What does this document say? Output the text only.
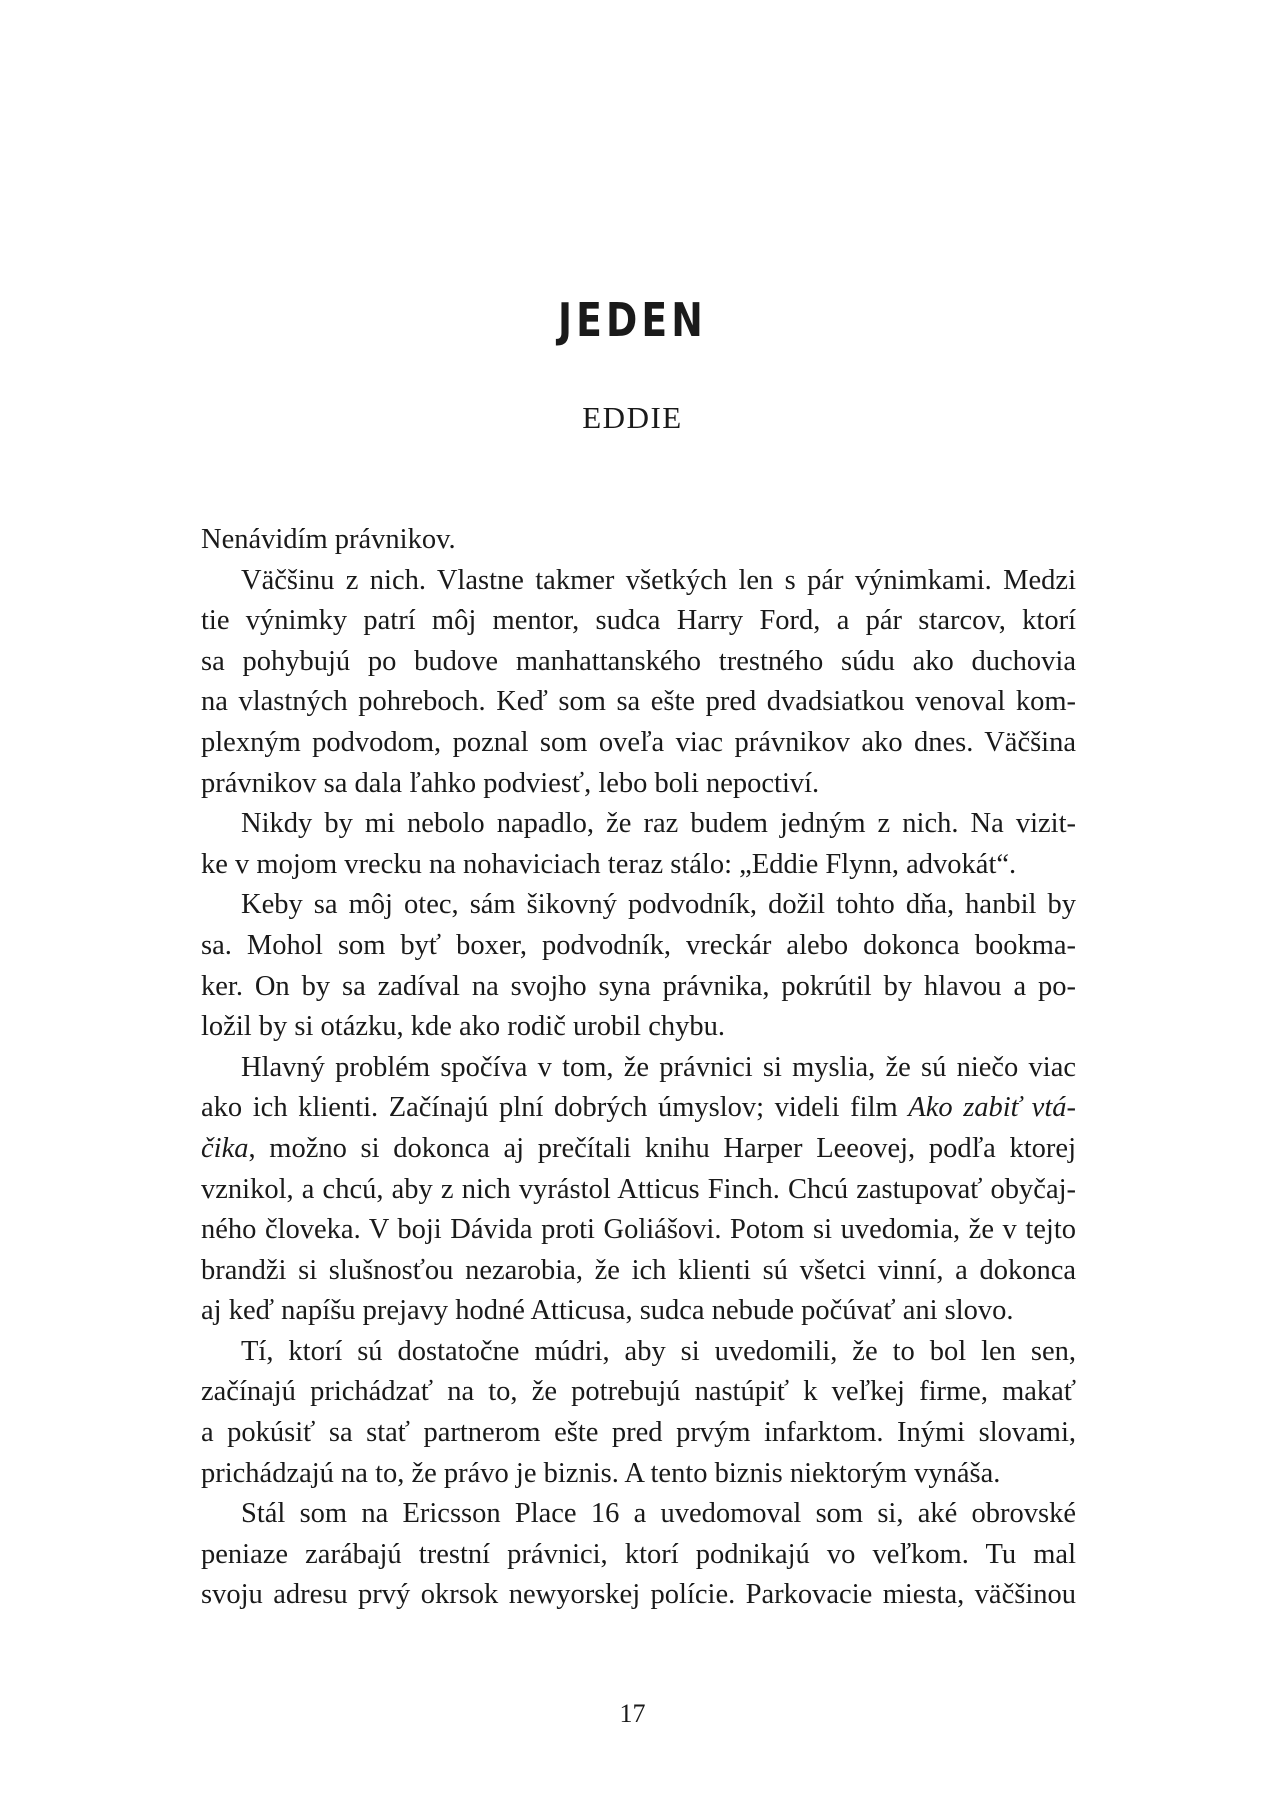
JEDEN
EDDIE
Nenávidím právnikov.
Väčšinu z nich. Vlastne takmer všetkých len s pár výnimkami. Medzi
tie výnimky patrí môj mentor, sudca Harry Ford, a pár starcov, ktorí
sa pohybujú po budove manhattanského trestného súdu ako duchovia
na vlastných pohreboch. Keď som sa ešte pred dvadsiatkou venoval kom-
plexným podvodom, poznal som oveľa viac právnikov ako dnes. Väčšina
právnikov sa dala ľahko podviesť, lebo boli nepoctiví.
Nikdy by mi nebolo napadlo, že raz budem jedným z nich. Na vizit-
ke v mojom vrecku na nohaviciach teraz stálo: „Eddie Flynn, advokát“.
Keby sa môj otec, sám šikovný podvodník, dožil tohto dňa, hanbil by
sa. Mohol som byť boxer, podvodník, vreckár alebo dokonca bookma-
ker. On by sa zadíval na svojho syna právnika, pokrútil by hlavou a po-
ložil by si otázku, kde ako rodič urobil chybu.
Hlavný problém spočíva v tom, že právnici si myslia, že sú niečo viac
ako ich klienti. Začínajú plní dobrých úmyslov; videli film Ako zabiť vtá-
čika, možno si dokonca aj prečítali knihu Harper Leeovej, podľa ktorej
vznikol, a chcú, aby z nich vyrástol Atticus Finch. Chcú zastupovať obyčaj-
ného človeka. V boji Dávida proti Goliášovi. Potom si uvedomia, že v tejto
brandži si slušnosťou nezarobia, že ich klienti sú všetci vinní, a dokonca
aj keď napíšu prejavy hodné Atticusa, sudca nebude počúvať ani slovo.
Tí, ktorí sú dostatočne múdri, aby si uvedomili, že to bol len sen,
začínajú prichádzať na to, že potrebujú nastúpiť k veľkej firme, makať
a pokúsiť sa stať partnerom ešte pred prvým infarktom. Inými slovami,
prichádzajú na to, že právo je biznis. A tento biznis niektorým vynáša.
Stál som na Ericsson Place 16 a uvedomoval som si, aké obrovské
peniaze zarábajú trestní právnici, ktorí podnikajú vo veľkom. Tu mal
svoju adresu prvý okrsok newyorskej polície. Parkovacie miesta, väčšinou
17
